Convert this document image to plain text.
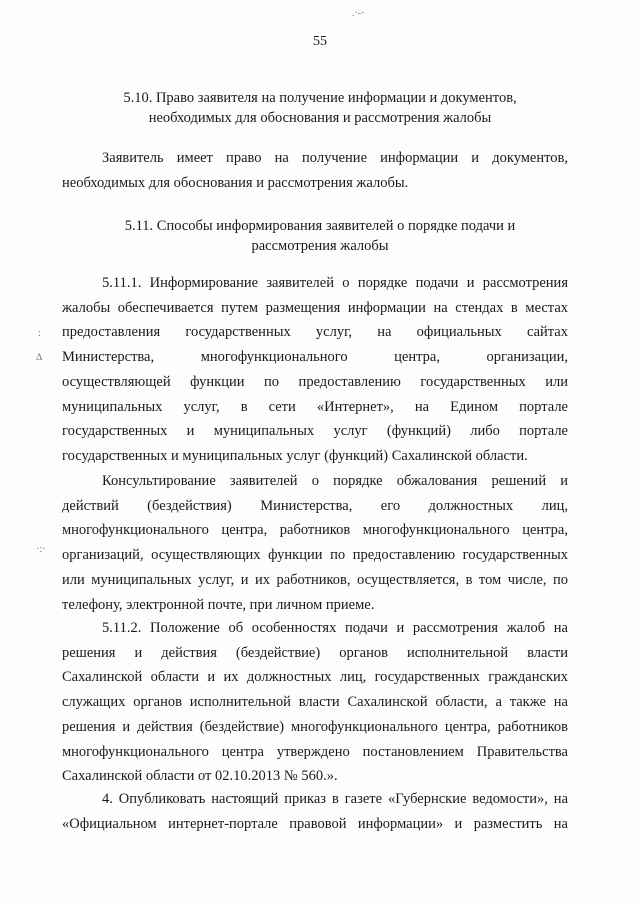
.·‑·
55
5.10. Право заявителя на получение информации и документов,
необходимых для обоснования и рассмотрения жалобы
Заявитель имеет право на получение информации и документов,
необходимых для обоснования и рассмотрения жалобы.
5.11. Способы информирования заявителей о порядке подачи и
рассмотрения жалобы
5.11.1. Информирование заявителей о порядке подачи и рассмотрения
жалобы обеспечивается путем размещения информации на стендах в местах
предоставления государственных услуг, на официальных сайтах
Министерства, многофункционального центра, организации,
осуществляющей функции по предоставлению государственных или
муниципальных услуг, в сети «Интернет», на Едином портале
государственных и муниципальных услуг (функций) либо портале
государственных и муниципальных услуг (функций) Сахалинской области.
:
∆
·:·
Консультирование заявителей о порядке обжалования решений и
действий (бездействия) Министерства, его должностных лиц,
многофункционального центра, работников многофункционального центра,
организаций, осуществляющих функции по предоставлению государственных
или муниципальных услуг, и их работников, осуществляется, в том числе, по
телефону, электронной почте, при личном приеме.
5.11.2. Положение об особенностях подачи и рассмотрения жалоб на
решения и действия (бездействие) органов исполнительной власти
Сахалинской области и их должностных лиц, государственных гражданских
служащих органов исполнительной власти Сахалинской области, а также на
решения и действия (бездействие) многофункционального центра, работников
многофункционального центра утверждено постановлением Правительства
Сахалинской области от 02.10.2013 № 560.».
4. Опубликовать настоящий приказ в газете «Губернские ведомости», на
«Официальном интернет-портале правовой информации» и разместить на
